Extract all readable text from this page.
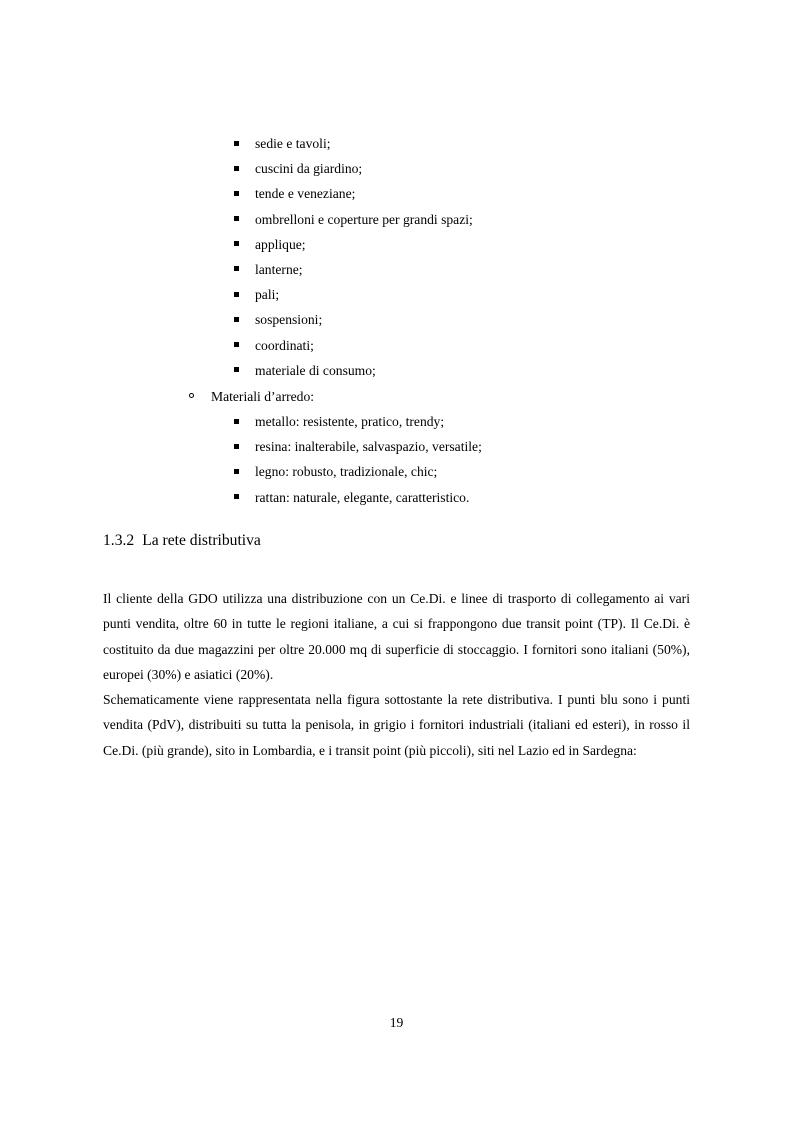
sedie e tavoli;
cuscini da giardino;
tende e veneziane;
ombrelloni e coperture per grandi spazi;
applique;
lanterne;
pali;
sospensioni;
coordinati;
materiale di consumo;
Materiali d’arredo:
metallo: resistente, pratico, trendy;
resina: inalterabile, salvaspazio, versatile;
legno: robusto, tradizionale, chic;
rattan: naturale, elegante, caratteristico.
1.3.2 La rete distributiva

Il cliente della GDO utilizza una distribuzione con un Ce.Di. e linee di trasporto di collegamento ai vari punti vendita, oltre 60 in tutte le regioni italiane, a cui si frappongono due transit point (TP). Il Ce.Di. è costituito da due magazzini per oltre 20.000 mq di superficie di stoccaggio. I fornitori sono italiani (50%), europei (30%) e asiatici (20%).

Schematicamente viene rappresentata nella figura sottostante la rete distributiva. I punti blu sono i punti vendita (PdV), distribuiti su tutta la penisola, in grigio i fornitori industriali (italiani ed esteri), in rosso il Ce.Di. (più grande), sito in Lombardia, e i transit point (più piccoli), siti nel Lazio ed in Sardegna:

19
